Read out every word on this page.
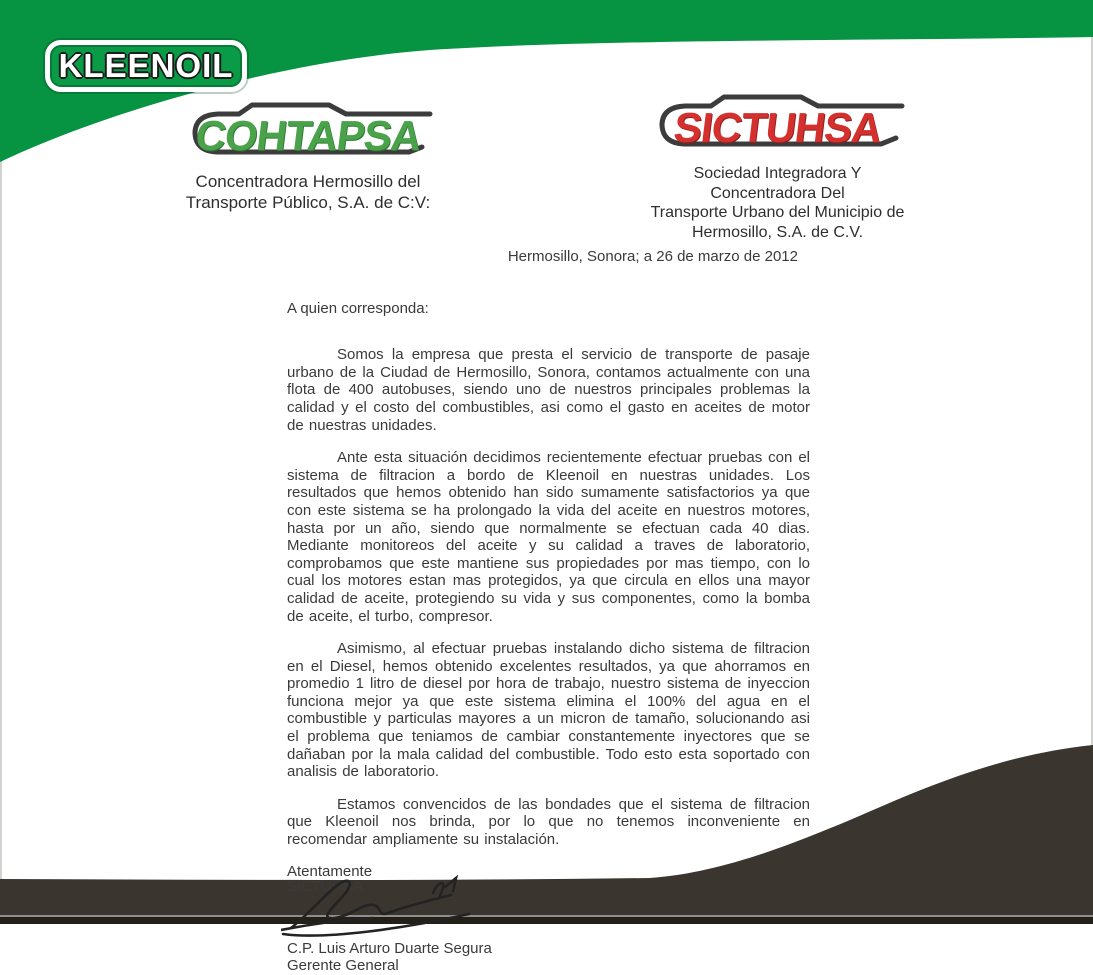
KLEENOIL
COHTAPSA
Concentradora Hermosillo del
Transporte Público, S.A. de C:V:
SICTUHSA
Sociedad Integradora Y Concentradora Del
Transporte Urbano del Municipio de
Hermosillo, S.A. de C.V.
Hermosillo, Sonora; a 26 de marzo de 2012
A quien corresponda:

Somos la empresa que presta el servicio de transporte de pasaje urbano de la Ciudad de Hermosillo, Sonora, contamos actualmente con una flota de 400 autobuses, siendo uno de nuestros principales problemas la calidad y el costo del combustibles, asi como el gasto en aceites de motor de nuestras unidades.

Ante esta situación decidimos recientemente efectuar pruebas con el sistema de filtracion a bordo de Kleenoil en nuestras unidades. Los resultados que hemos obtenido han sido sumamente satisfactorios ya que con este sistema se ha prolongado la vida del aceite en nuestros motores, hasta por un año, siendo que normalmente se efectuan cada 40 dias. Mediante monitoreos del aceite y su calidad a traves de laboratorio, comprobamos que este mantiene sus propiedades por mas tiempo, con lo cual los motores estan mas protegidos, ya que circula en ellos una mayor calidad de aceite, protegiendo su vida y sus componentes, como la bomba de aceite, el turbo, compresor.

Asimismo, al efectuar pruebas instalando dicho sistema de filtracion en el Diesel, hemos obtenido excelentes resultados, ya que ahorramos en promedio 1 litro de diesel por hora de trabajo, nuestro sistema de inyeccion funciona mejor ya que este sistema elimina el 100% del agua en el combustible y particulas mayores a un micron de tamaño, solucionando asi el problema que teniamos de cambiar constantemente inyectores que se dañaban por la mala calidad del combustible. Todo esto esta soportado con analisis de laboratorio.

Estamos convencidos de las bondades que el sistema de filtracion que Kleenoil nos brinda, por lo que no tenemos inconveniente en recomendar ampliamente su instalación.

Atentamente
SICTUHSA
C.P. Luis Arturo Duarte Segura
Gerente General
